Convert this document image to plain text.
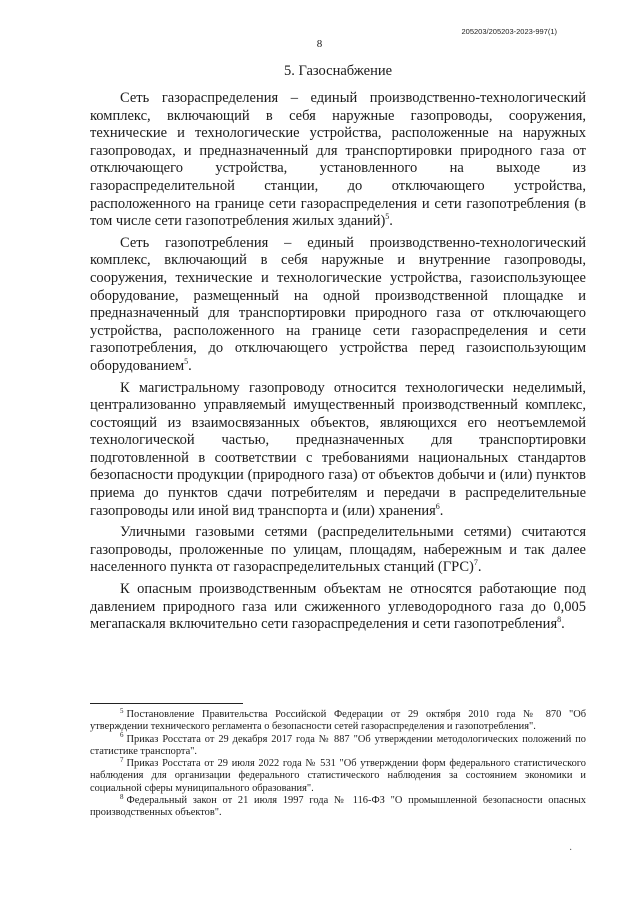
205203/205203-2023-997(1)
8
5. Газоснабжение

Сеть газораспределения – единый производственно-технологический комплекс, включающий в себя наружные газопроводы, сооружения, технические и технологические устройства, расположенные на наружных газопроводах, и предназначенный для транспортировки природного газа от отключающего устройства, установленного на выходе из газораспределительной станции, до отключающего устройства, расположенного на границе сети газораспределения и сети газопотребления (в том числе сети газопотребления жилых зданий)$^5$.

Сеть газопотребления – единый производственно-технологический комплекс, включающий в себя наружные и внутренние газопроводы, сооружения, технические и технологические устройства, газоиспользующее оборудование, размещенный на одной производственной площадке и предназначенный для транспортировки природного газа от отключающего устройства, расположенного на границе сети газораспределения и сети газопотребления, до отключающего устройства перед газоиспользующим оборудованием$^5$.

К магистральному газопроводу относится технологически неделимый, централизованно управляемый имущественный производственный комплекс, состоящий из взаимосвязанных объектов, являющихся его неотъемлемой технологической частью, предназначенных для транспортировки подготовленной в соответствии с требованиями национальных стандартов безопасности продукции (природного газа) от объектов добычи и (или) пунктов приема до пунктов сдачи потребителям и передачи в распределительные газопроводы или иной вид транспорта и (или) хранения$^6$.

Уличными газовыми сетями (распределительными сетями) считаются газопроводы, проложенные по улицам, площадям, набережным и так далее населенного пункта от газораспределительных станций (ГРС)$^7$.

К опасным производственным объектам не относятся работающие под давлением природного газа или сжиженного углеводородного газа до 0,005 мегапаскаля включительно сети газораспределения и сети газопотребления$^8$.

$^5$ Постановление Правительства Российской Федерации от 29 октября 2010 года № 870 "Об утверждении технического регламента о безопасности сетей газораспределения и газопотребления".

$^6$ Приказ Росстата от 29 декабря 2017 года № 887 "Об утверждении методологических положений по статистике транспорта".

$^7$ Приказ Росстата от 29 июля 2022 года № 531 "Об утверждении форм федерального статистического наблюдения для организации федерального статистического наблюдения за состоянием экономики и социальной сферы муниципального образования".

$^8$ Федеральный закон от 21 июля 1997 года № 116-ФЗ "О промышленной безопасности опасных производственных объектов".

·
